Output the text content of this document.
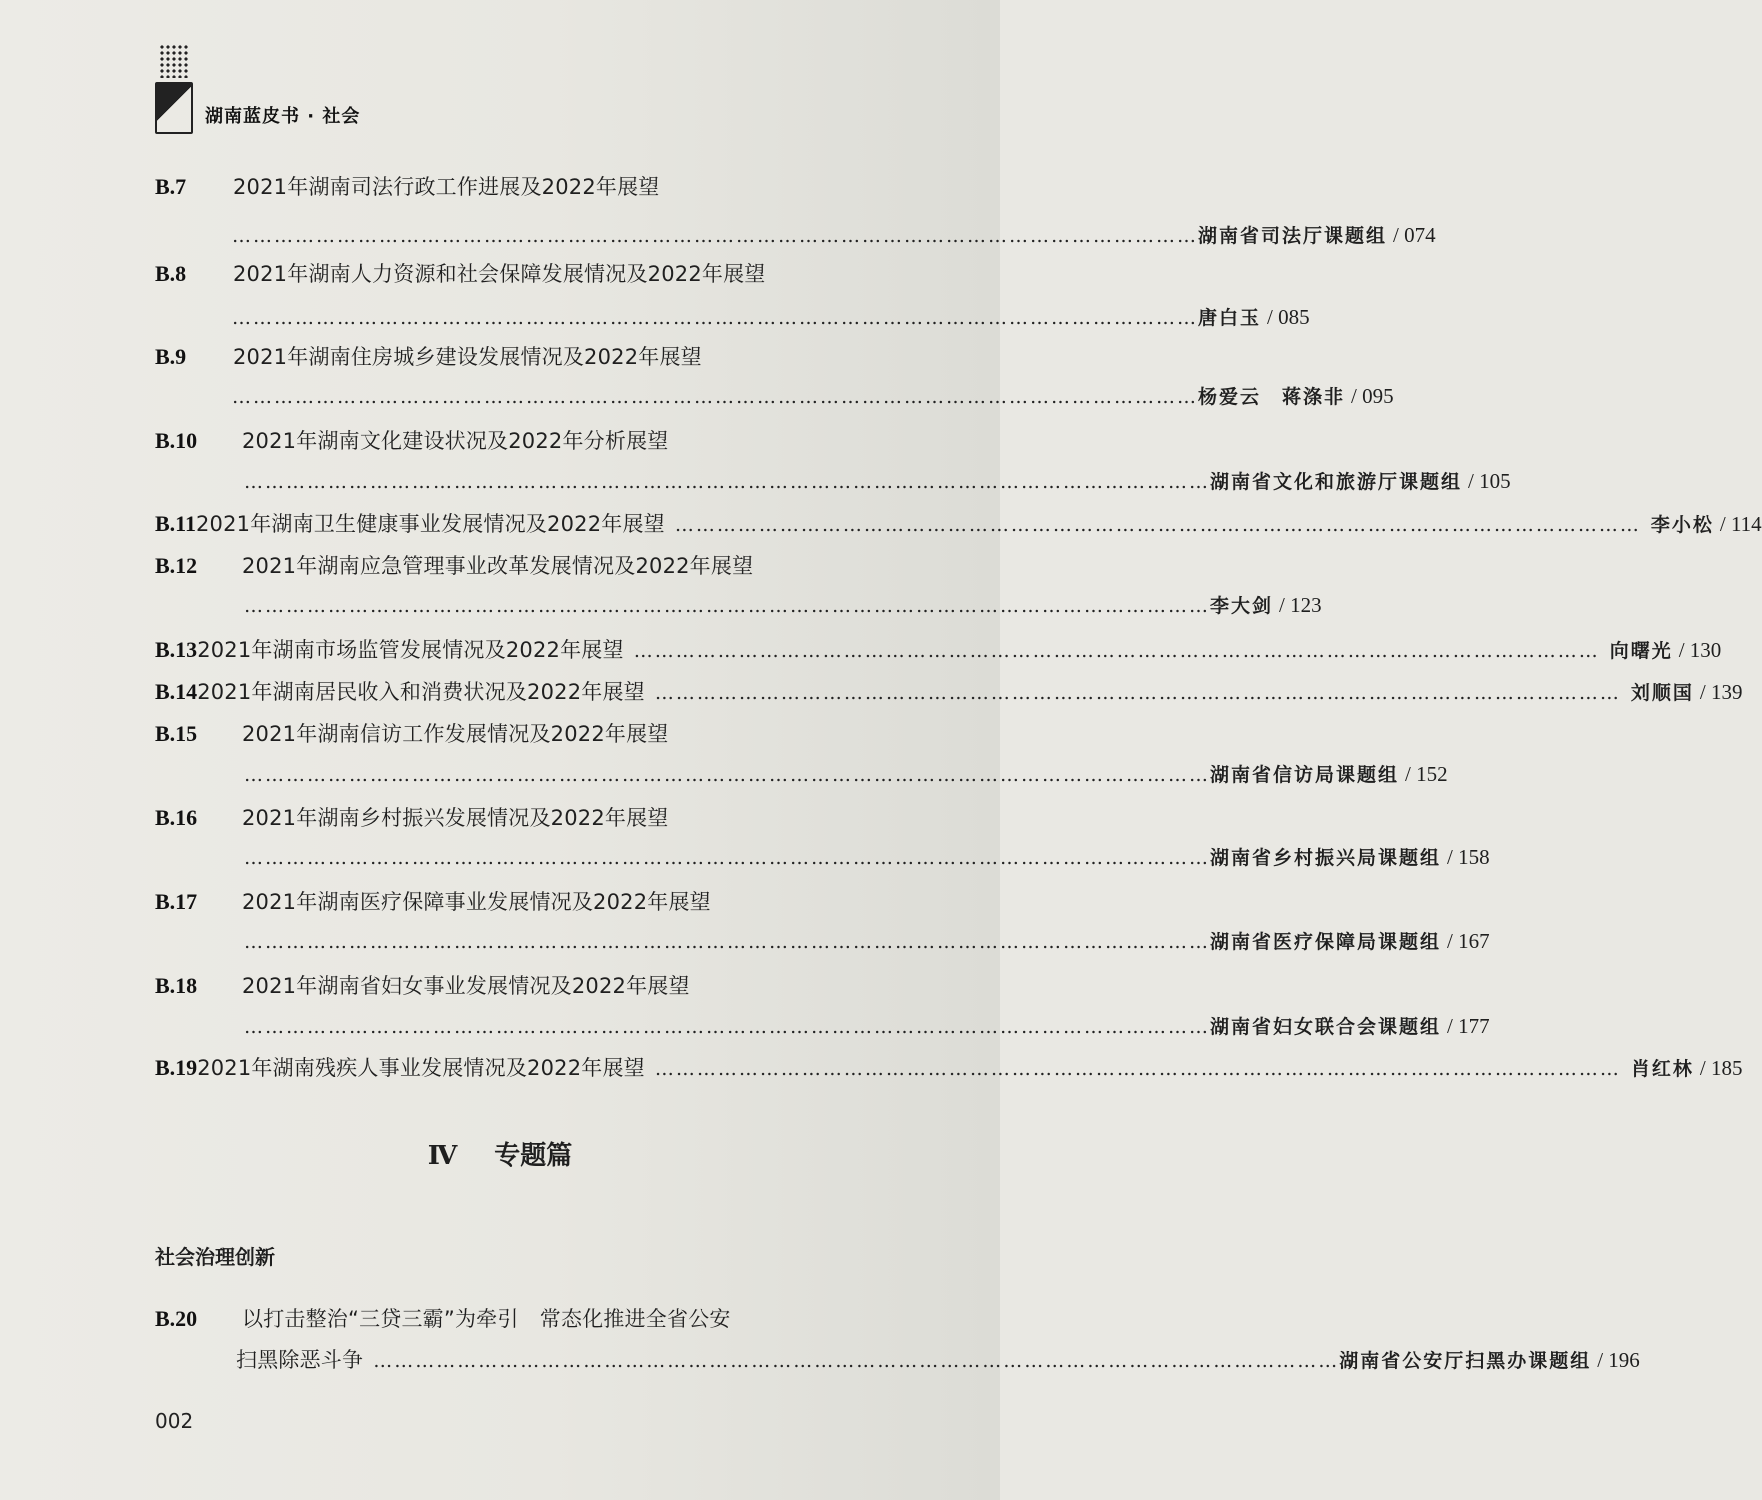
湖南蓝皮书 · 社会
B.7	2021年湖南司法行政工作进展及2022年展望
………………………………………………………………………………………………………………………… 湖南省司法厅课题组 / 074
B.8	2021年湖南人力资源和社会保障发展情况及2022年展望
………………………………………………………………………………………………………………………… 唐白玉 / 085
B.9	2021年湖南住房城乡建设发展情况及2022年展望
………………………………………………………………………………………………………………………… 杨爱云　蒋涤非 / 095
B.10	2021年湖南文化建设状况及2022年分析展望
………………………………………………………………………………………………………………………… 湖南省文化和旅游厅课题组 / 105
B.11 2021年湖南卫生健康事业发展情况及2022年展望 ………………………………………………………………………………………………………………………… 李小松 / 114
B.12	2021年湖南应急管理事业改革发展情况及2022年展望
………………………………………………………………………………………………………………………… 李大剑 / 123
B.13 2021年湖南市场监管发展情况及2022年展望 ………………………………………………………………………………………………………………………… 向曙光 / 130
B.14 2021年湖南居民收入和消费状况及2022年展望 ………………………………………………………………………………………………………………………… 刘顺国 / 139
B.15	2021年湖南信访工作发展情况及2022年展望
………………………………………………………………………………………………………………………… 湖南省信访局课题组 / 152
B.16	2021年湖南乡村振兴发展情况及2022年展望
………………………………………………………………………………………………………………………… 湖南省乡村振兴局课题组 / 158
B.17	2021年湖南医疗保障事业发展情况及2022年展望
………………………………………………………………………………………………………………………… 湖南省医疗保障局课题组 / 167
B.18	2021年湖南省妇女事业发展情况及2022年展望
………………………………………………………………………………………………………………………… 湖南省妇女联合会课题组 / 177
B.19 2021年湖南残疾人事业发展情况及2022年展望 ………………………………………………………………………………………………………………………… 肖红林 / 185
Ⅳ 专题篇
社会治理创新
B.20	以打击整治“三贷三霸”为牵引　常态化推进全省公安
扫黑除恶斗争 ………………………………………………………………………………………………………………………… 湖南省公安厅扫黑办课题组 / 196
002
